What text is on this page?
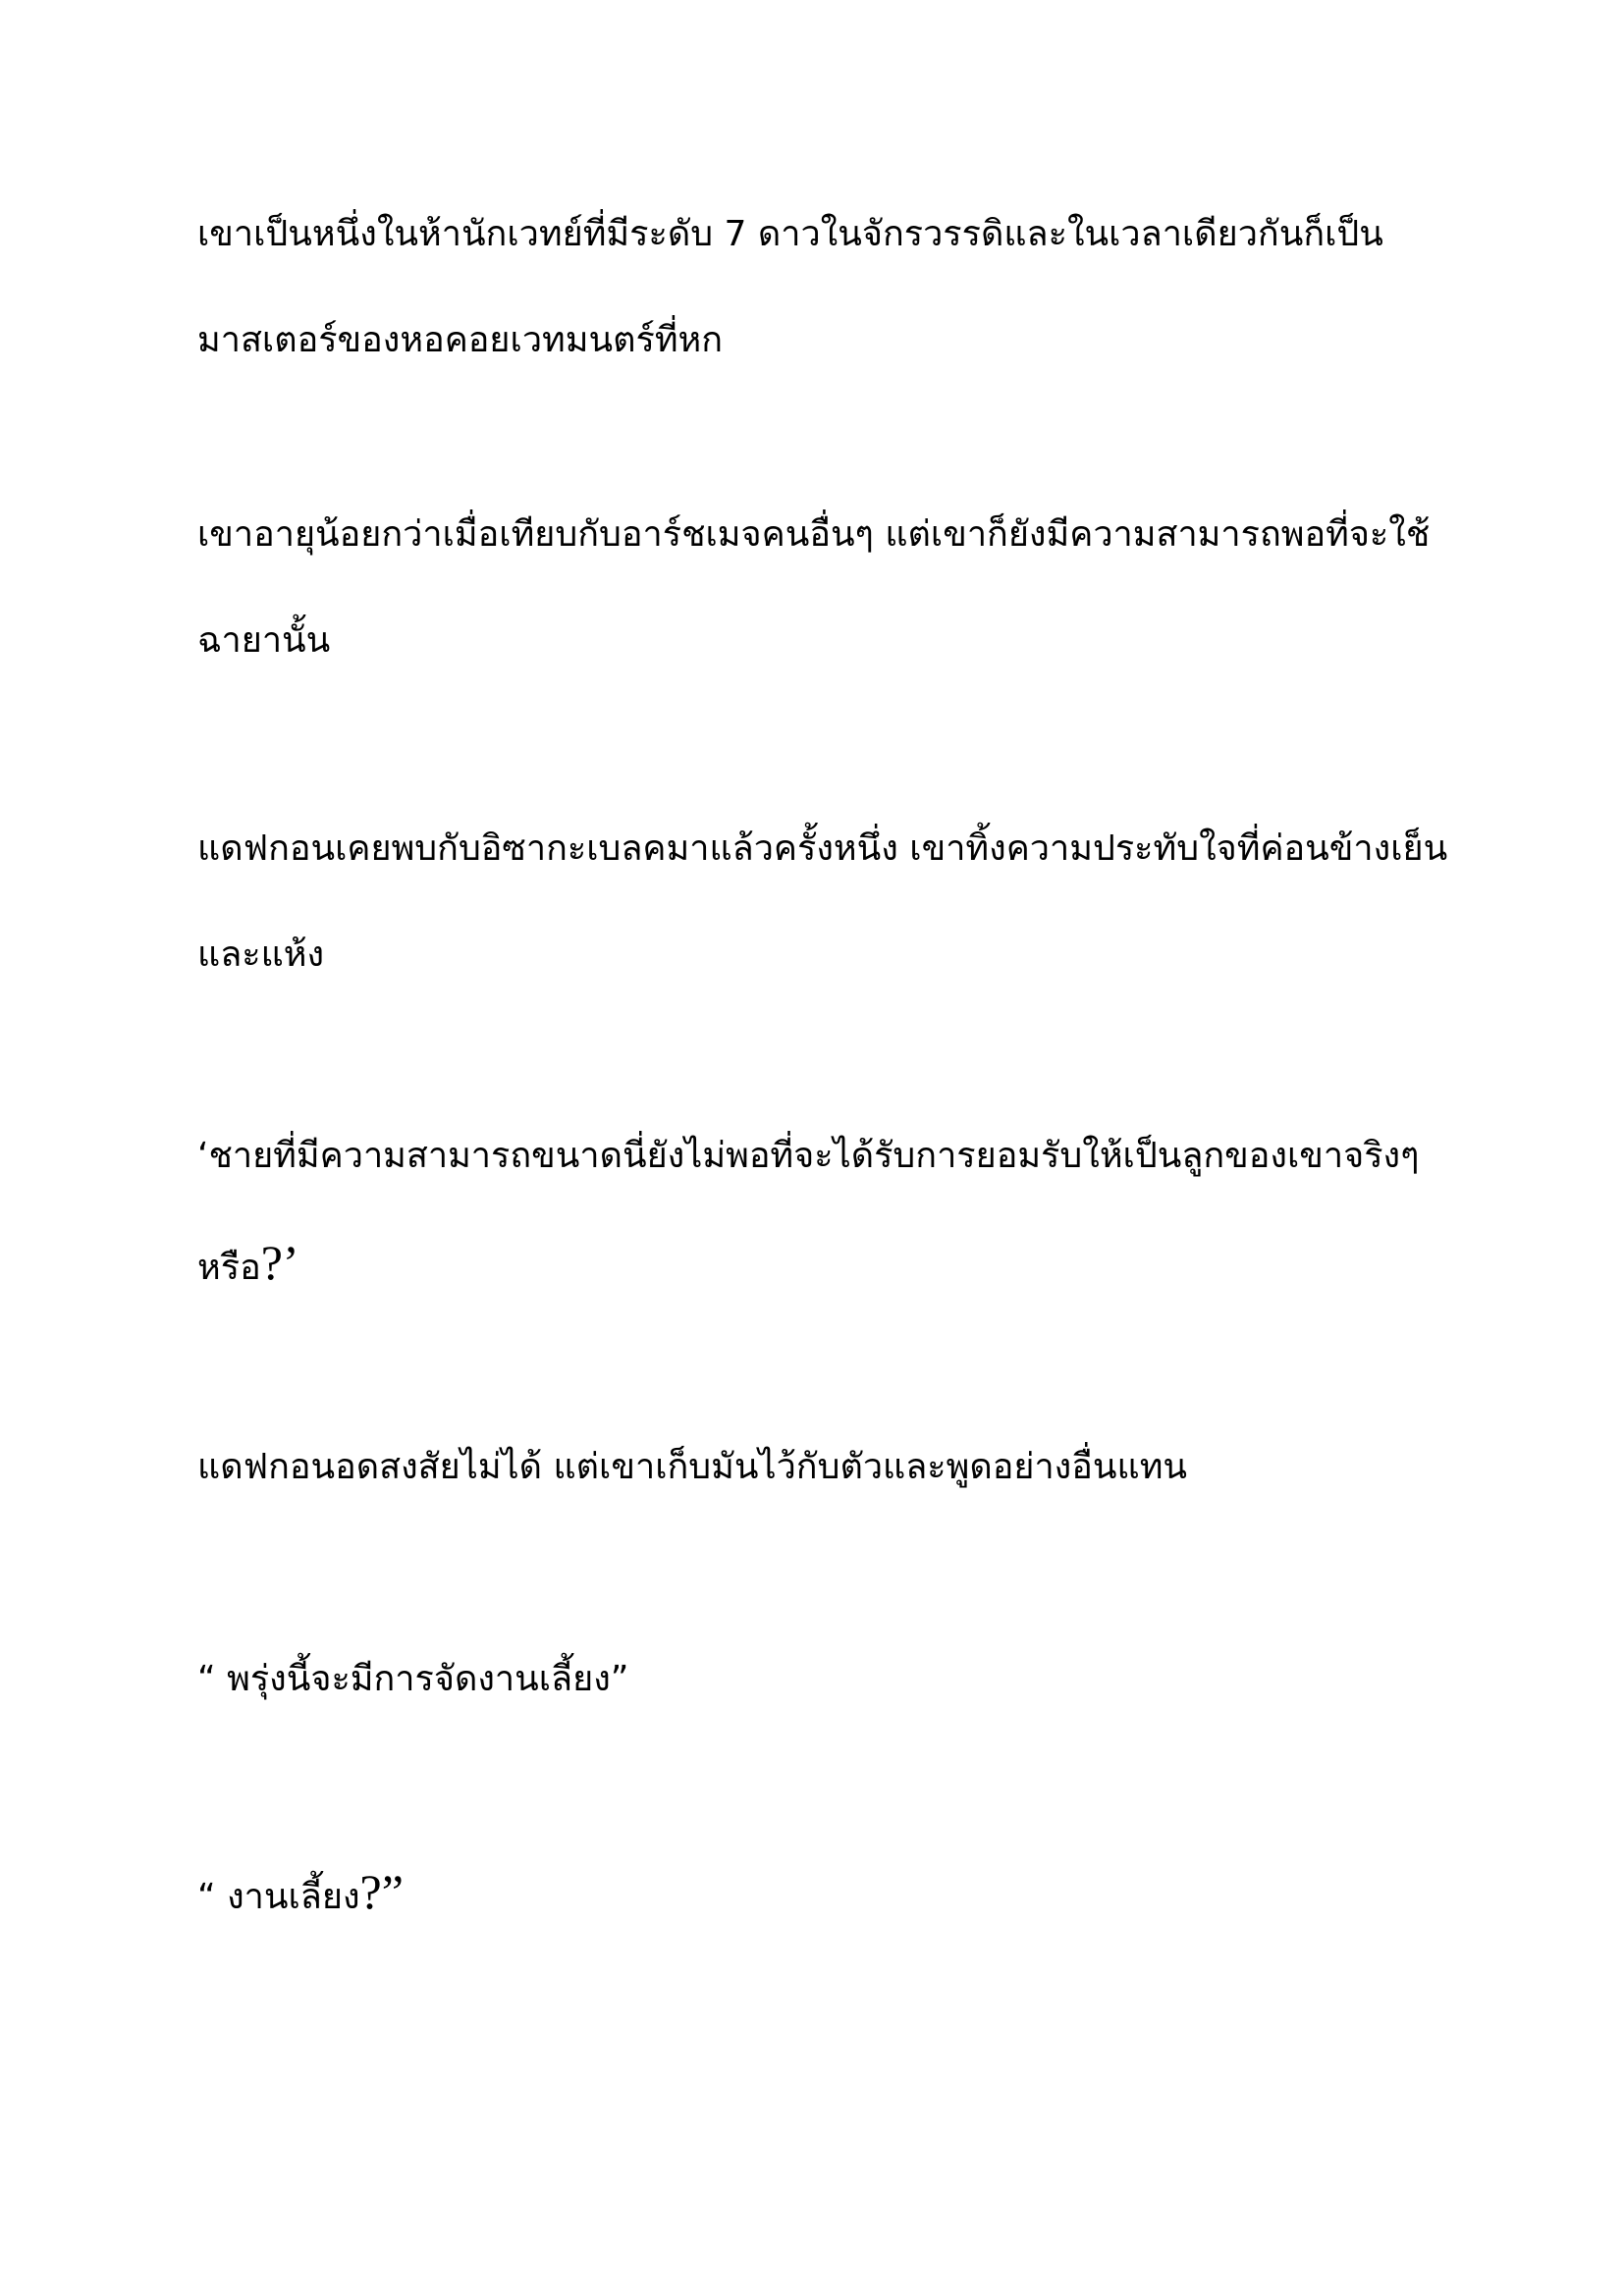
เขาเป็นหนึ่งในห้านักเวทย์ที่มีระดับ 7 ดาวในจักรวรรดิและในเวลาเดียวกันก็เป็น
มาสเตอร์ของหอคอยเวทมนตร์ที่หก

เขาอายุน้อยกว่าเมื่อเทียบกับอาร์ชเมจคนอื่นๆ แต่เขาก็ยังมีความสามารถพอที่จะใช้
ฉายานั้น

แดฟกอนเคยพบกับอิซากะเบลคมาแล้วครั้งหนึ่ง เขาทิ้งความประทับใจที่ค่อนข้างเย็น
และแห้ง

‘ชายที่มีความสามารถขนาดนี่ยังไม่พอที่จะได้รับการยอมรับให้เป็นลูกของเขาจริงๆ
หรือ?’

แดฟกอนอดสงสัยไม่ได้ แต่เขาเก็บมันไว้กับตัวและพูดอย่างอื่นแทน

“ พรุ่งนี้จะมีการจัดงานเลี้ยง”

“ งานเลี้ยง?”
